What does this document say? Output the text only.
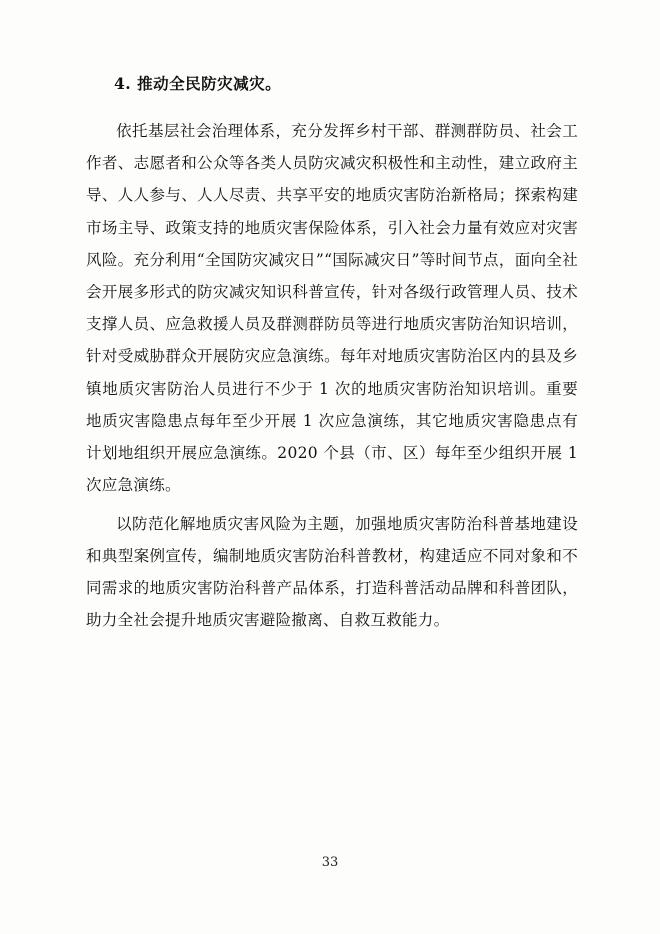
4. 推动全民防灾减灾。

依托基层社会治理体系，充分发挥乡村干部、群测群防员、社会工作者、志愿者和公众等各类人员防灾减灾积极性和主动性，建立政府主导、人人参与、人人尽责、共享平安的地质灾害防治新格局；探索构建市场主导、政策支持的地质灾害保险体系，引入社会力量有效应对灾害风险。充分利用“全国防灾减灾日”“国际减灾日”等时间节点，面向全社会开展多形式的防灾减灾知识科普宣传，针对各级行政管理人员、技术支撑人员、应急救援人员及群测群防员等进行地质灾害防治知识培训，针对受威胁群众开展防灾应急演练。每年对地质灾害防治区内的县及乡镇地质灾害防治人员进行不少于 1 次的地质灾害防治知识培训。重要地质灾害隐患点每年至少开展 1 次应急演练，其它地质灾害隐患点有计划地组织开展应急演练。2020 个县（市、区）每年至少组织开展 1 次应急演练。

以防范化解地质灾害风险为主题，加强地质灾害防治科普基地建设和典型案例宣传，编制地质灾害防治科普教材，构建适应不同对象和不同需求的地质灾害防治科普产品体系，打造科普活动品牌和科普团队，助力全社会提升地质灾害避险撤离、自救互救能力。

33
